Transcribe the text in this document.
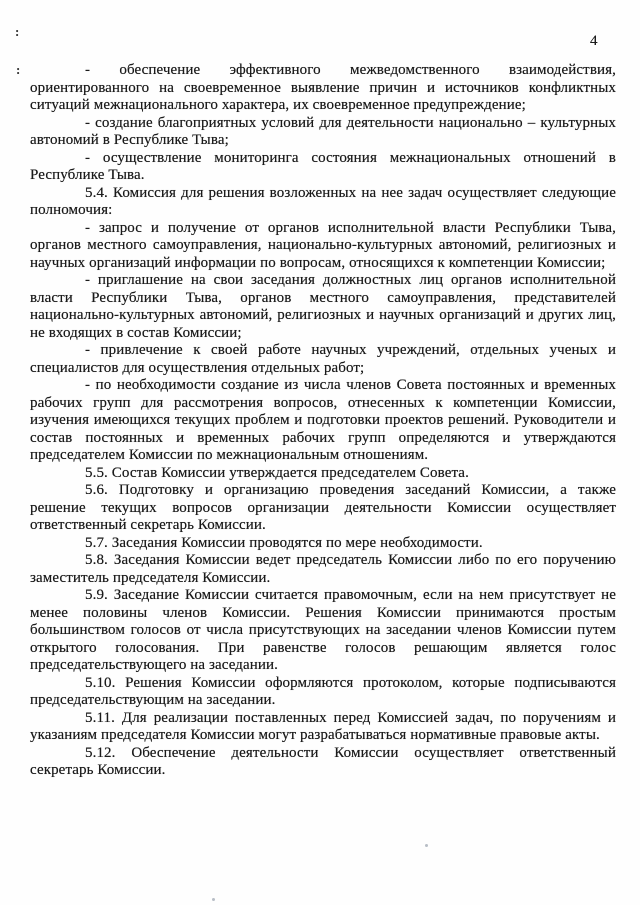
4
:
:	- обеспечение эффективного межведомственного взаимодействия, ориентированного на своевременное выявление причин и источников конфликтных ситуаций межнационального характера, их своевременное предупреждение;

- создание благоприятных условий для деятельности национально – культурных автономий в Республике Тыва;

- осуществление мониторинга состояния межнациональных отношений в Республике Тыва.

5.4. Комиссия для решения возложенных на нее задач осуществляет следующие полномочия:

- запрос и получение от органов исполнительной власти Республики Тыва, органов местного самоуправления, национально-культурных автономий, религиозных и научных организаций информации по вопросам, относящихся к компетенции Комиссии;

- приглашение на свои заседания должностных лиц органов исполнительной власти Республики Тыва, органов местного самоуправления, представителей национально-культурных автономий, религиозных и научных организаций и других лиц, не входящих в состав Комиссии;

- привлечение к своей работе научных учреждений, отдельных ученых и специалистов для осуществления отдельных работ;

- по необходимости создание из числа членов Совета постоянных и временных рабочих групп для рассмотрения вопросов, отнесенных к компетенции Комиссии, изучения имеющихся текущих проблем и подготовки проектов решений. Руководители и состав постоянных и временных рабочих групп определяются и утверждаются председателем Комиссии по межнациональным отношениям.

5.5. Состав Комиссии утверждается председателем Совета.

5.6. Подготовку и организацию проведения заседаний Комиссии, а также решение текущих вопросов организации деятельности Комиссии осуществляет ответственный секретарь Комиссии.

5.7. Заседания Комиссии проводятся по мере необходимости.

5.8. Заседания Комиссии ведет председатель Комиссии либо по его поручению заместитель председателя Комиссии.

5.9. Заседание Комиссии считается правомочным, если на нем присутствует не менее половины членов Комиссии. Решения Комиссии принимаются простым большинством голосов от числа присутствующих на заседании членов Комиссии путем открытого голосования. При равенстве голосов решающим является голос председательствующего на заседании.

5.10. Решения Комиссии оформляются протоколом, которые подписываются председательствующим на заседании.

5.11. Для реализации поставленных перед Комиссией задач, по поручениям и указаниям председателя Комиссии могут разрабатываться нормативные правовые акты.

5.12. Обеспечение деятельности Комиссии осуществляет ответственный секретарь Комиссии.
